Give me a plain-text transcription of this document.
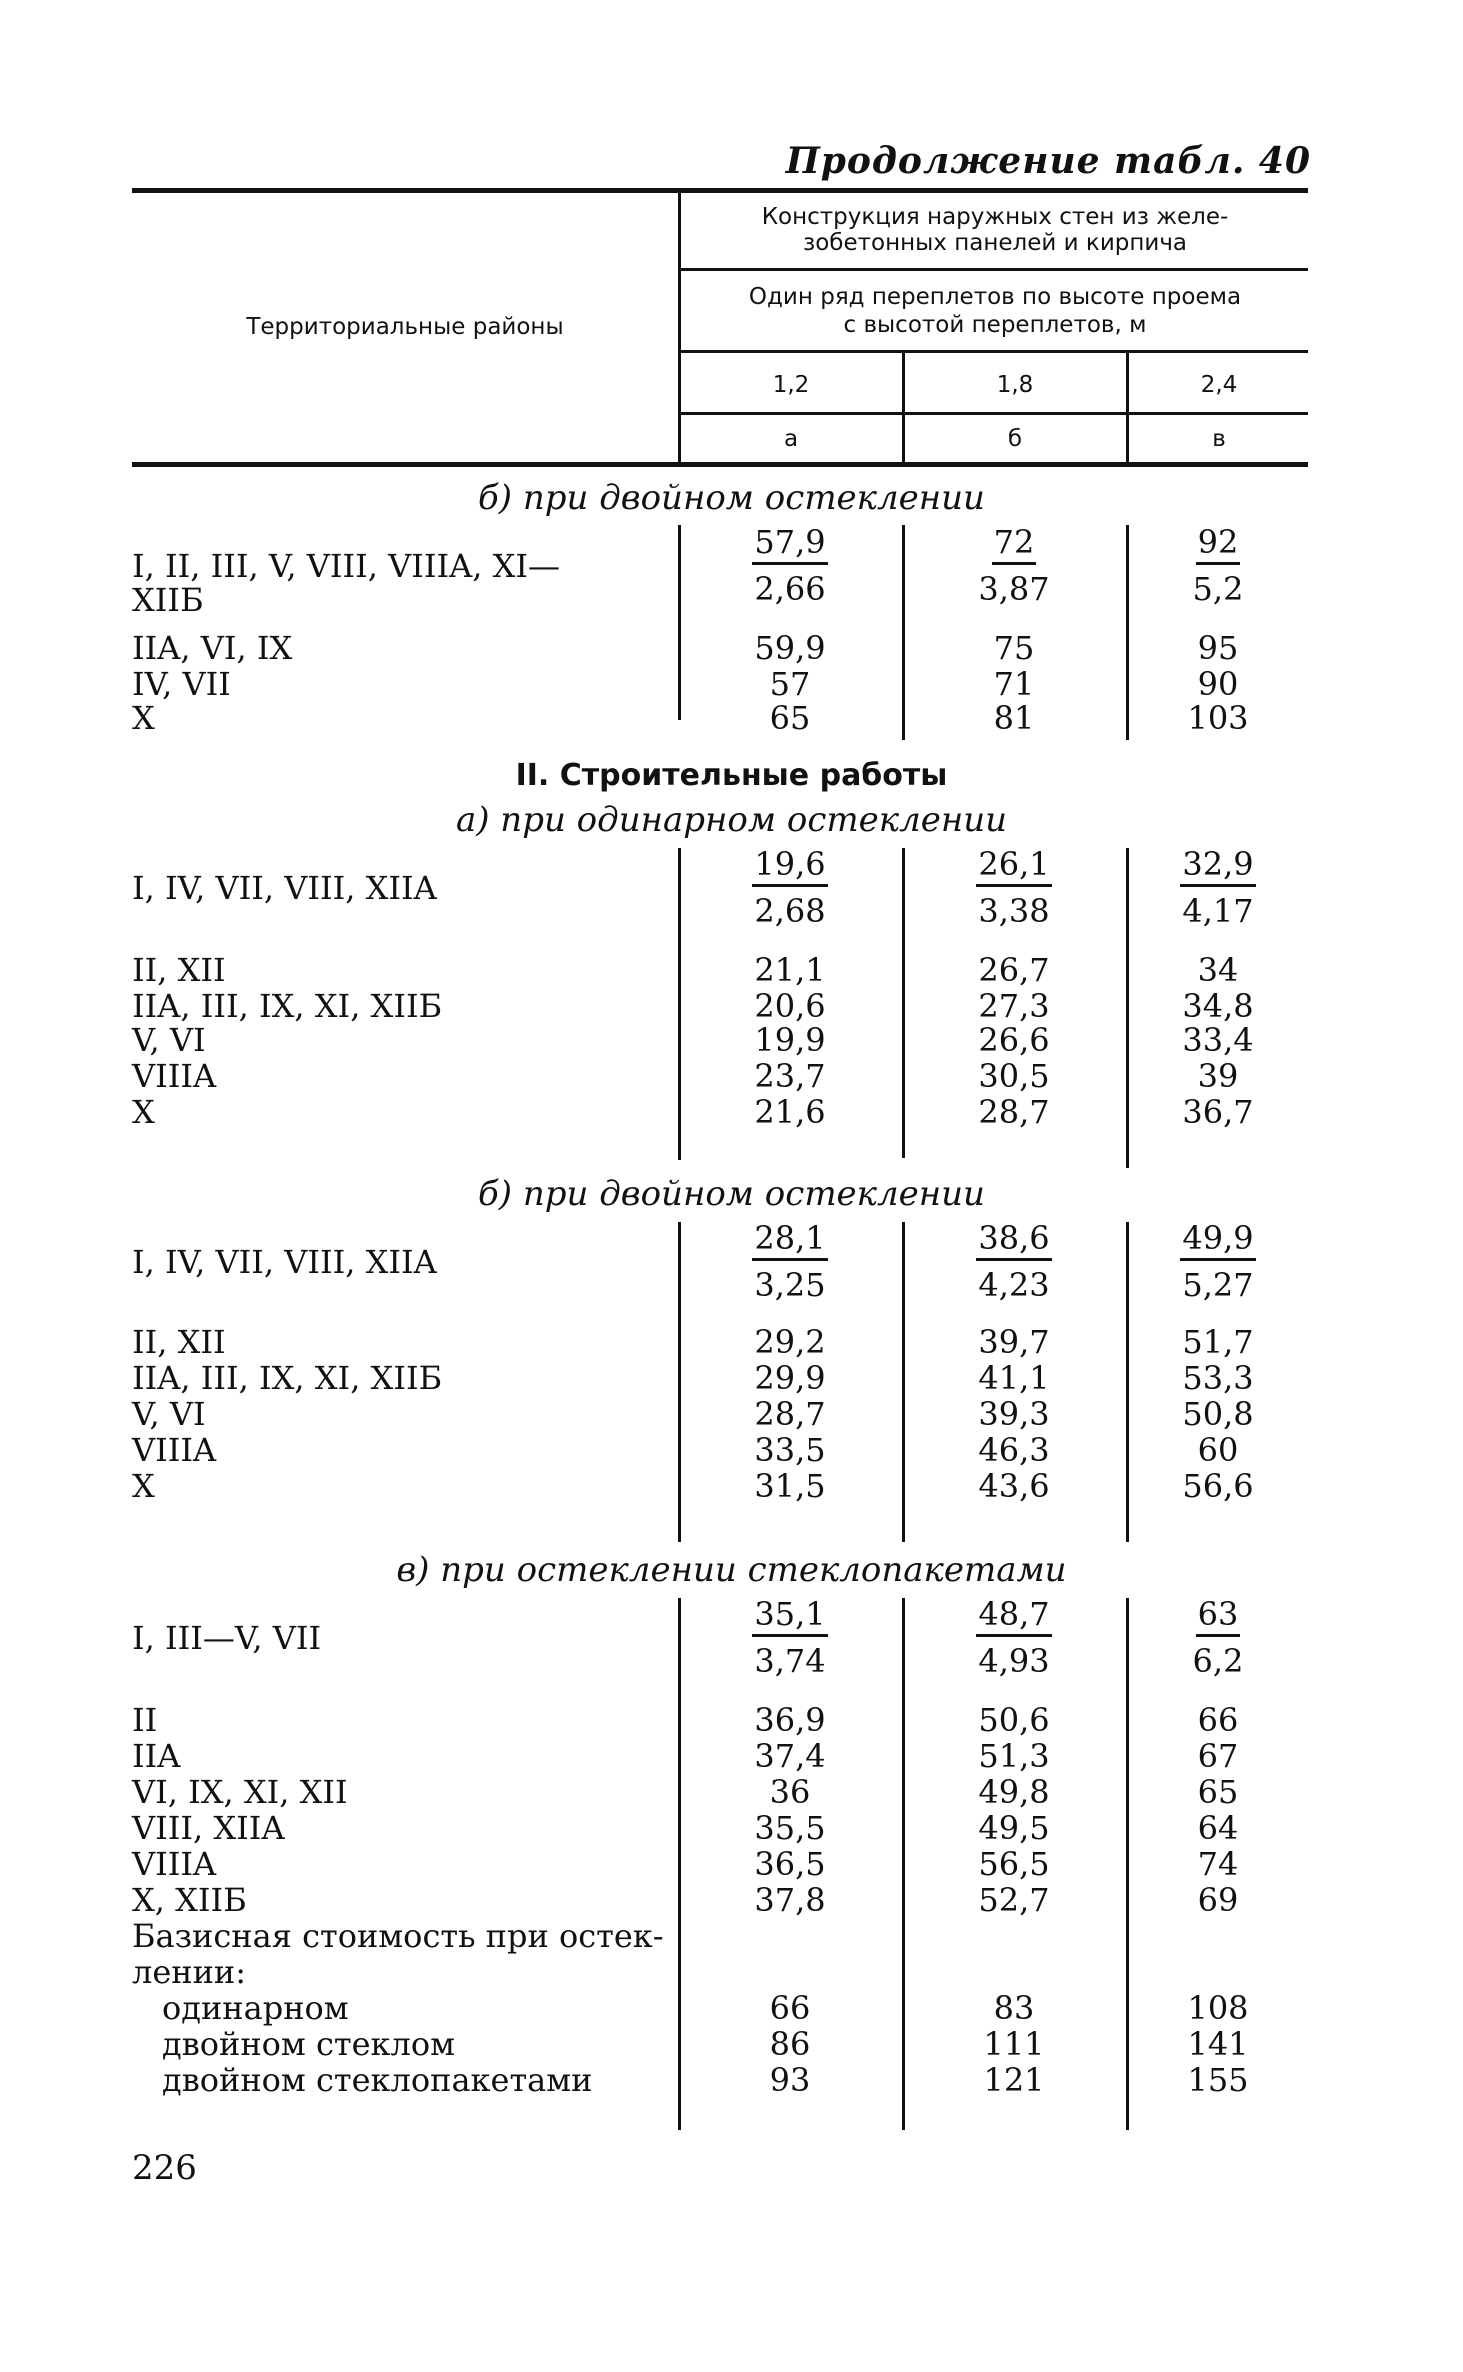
Продолжение табл. 40
Территориальные районы
Конструкция наружных стен из желе-
зобетонных панелей и кирпича
Один ряд переплетов по высоте проема
с высотой переплетов, м
1,2	1,8	2,4
а	б	в
б) при двойном остеклении
I, II, III, V, VIII, VIIIA, XI—
XIIБ	$\frac{57,9}{2,66}$	$\frac{72}{3,87}$	$\frac{92}{5,2}$
IIA, VI, IX	59,9	75	95
IV, VII	57	71	90
X	65	81	103
II. Строительные работы
а) при одинарном остеклении
I, IV, VII, VIII, XIIA	$\frac{19,6}{2,68}$	$\frac{26,1}{3,38}$	$\frac{32,9}{4,17}$
II, XII	21,1	26,7	34
IIA, III, IX, XI, XIIБ	20,6	27,3	34,8
V, VI	19,9	26,6	33,4
VIIIA	23,7	30,5	39
X	21,6	28,7	36,7
б) при двойном остеклении
I, IV, VII, VIII, XIIA	$\frac{28,1}{3,25}$	$\frac{38,6}{4,23}$	$\frac{49,9}{5,27}$
II, XII	29,2	39,7	51,7
IIA, III, IX, XI, XIIБ	29,9	41,1	53,3
V, VI	28,7	39,3	50,8
VIIIA	33,5	46,3	60
X	31,5	43,6	56,6
в) при остеклении стеклопакетами
I, III—V, VII	$\frac{35,1}{3,74}$	$\frac{48,7}{4,93}$	$\frac{63}{6,2}$
II	36,9	50,6	66
IIA	37,4	51,3	67
VI, IX, XI, XII	36	49,8	65
VIII, XIIA	35,5	49,5	64
VIIIA	36,5	56,5	74
X, XIIБ	37,8	52,7	69
Базисная стоимость при остек-
лении:
одинарном	66	83	108
двойном стеклом	86	111	141
двойном стеклопакетами	93	121	155
226
